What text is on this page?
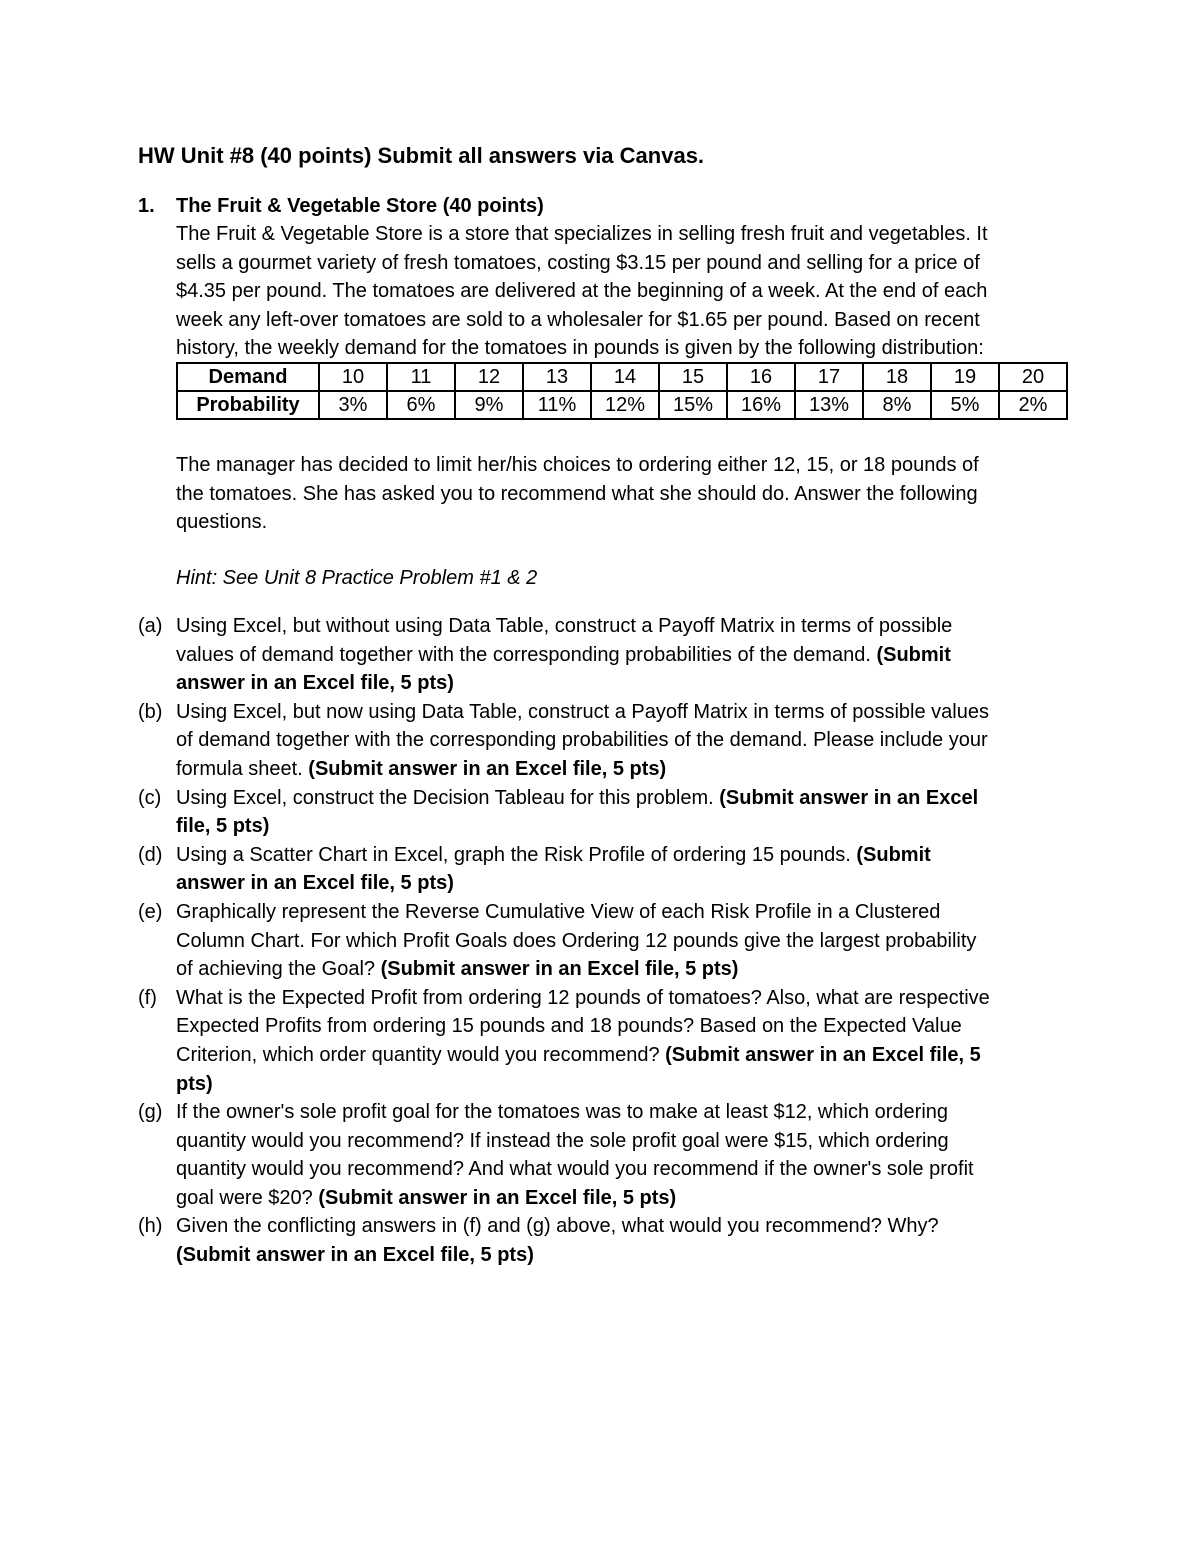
HW Unit #8 (40 points) Submit all answers via Canvas.
1. The Fruit & Vegetable Store (40 points)
The Fruit & Vegetable Store is a store that specializes in selling fresh fruit and vegetables. It
sells a gourmet variety of fresh tomatoes, costing $3.15 per pound and selling for a price of
$4.35 per pound. The tomatoes are delivered at the beginning of a week. At the end of each
week any left-over tomatoes are sold to a wholesaler for $1.65 per pound. Based on recent
history, the weekly demand for the tomatoes in pounds is given by the following distribution:
Demand	10	11	12	13	14	15	16	17	18	19	20
Probability	3%	6%	9%	11%	12%	15%	16%	13%	8%	5%	2%
The manager has decided to limit her/his choices to ordering either 12, 15, or 18 pounds of
the tomatoes. She has asked you to recommend what she should do. Answer the following
questions.
Hint: See Unit 8 Practice Problem #1 & 2
(a) Using Excel, but without using Data Table, construct a Payoff Matrix in terms of possible
values of demand together with the corresponding probabilities of the demand. (Submit
answer in an Excel file, 5 pts)
(b) Using Excel, but now using Data Table, construct a Payoff Matrix in terms of possible values
of demand together with the corresponding probabilities of the demand. Please include your
formula sheet. (Submit answer in an Excel file, 5 pts)
(c) Using Excel, construct the Decision Tableau for this problem. (Submit answer in an Excel
file, 5 pts)
(d) Using a Scatter Chart in Excel, graph the Risk Profile of ordering 15 pounds. (Submit
answer in an Excel file, 5 pts)
(e) Graphically represent the Reverse Cumulative View of each Risk Profile in a Clustered
Column Chart. For which Profit Goals does Ordering 12 pounds give the largest probability
of achieving the Goal? (Submit answer in an Excel file, 5 pts)
(f) What is the Expected Profit from ordering 12 pounds of tomatoes? Also, what are respective
Expected Profits from ordering 15 pounds and 18 pounds? Based on the Expected Value
Criterion, which order quantity would you recommend? (Submit answer in an Excel file, 5
pts)
(g) If the owner's sole profit goal for the tomatoes was to make at least $12, which ordering
quantity would you recommend? If instead the sole profit goal were $15, which ordering
quantity would you recommend? And what would you recommend if the owner's sole profit
goal were $20? (Submit answer in an Excel file, 5 pts)
(h) Given the conflicting answers in (f) and (g) above, what would you recommend? Why?
(Submit answer in an Excel file, 5 pts)
